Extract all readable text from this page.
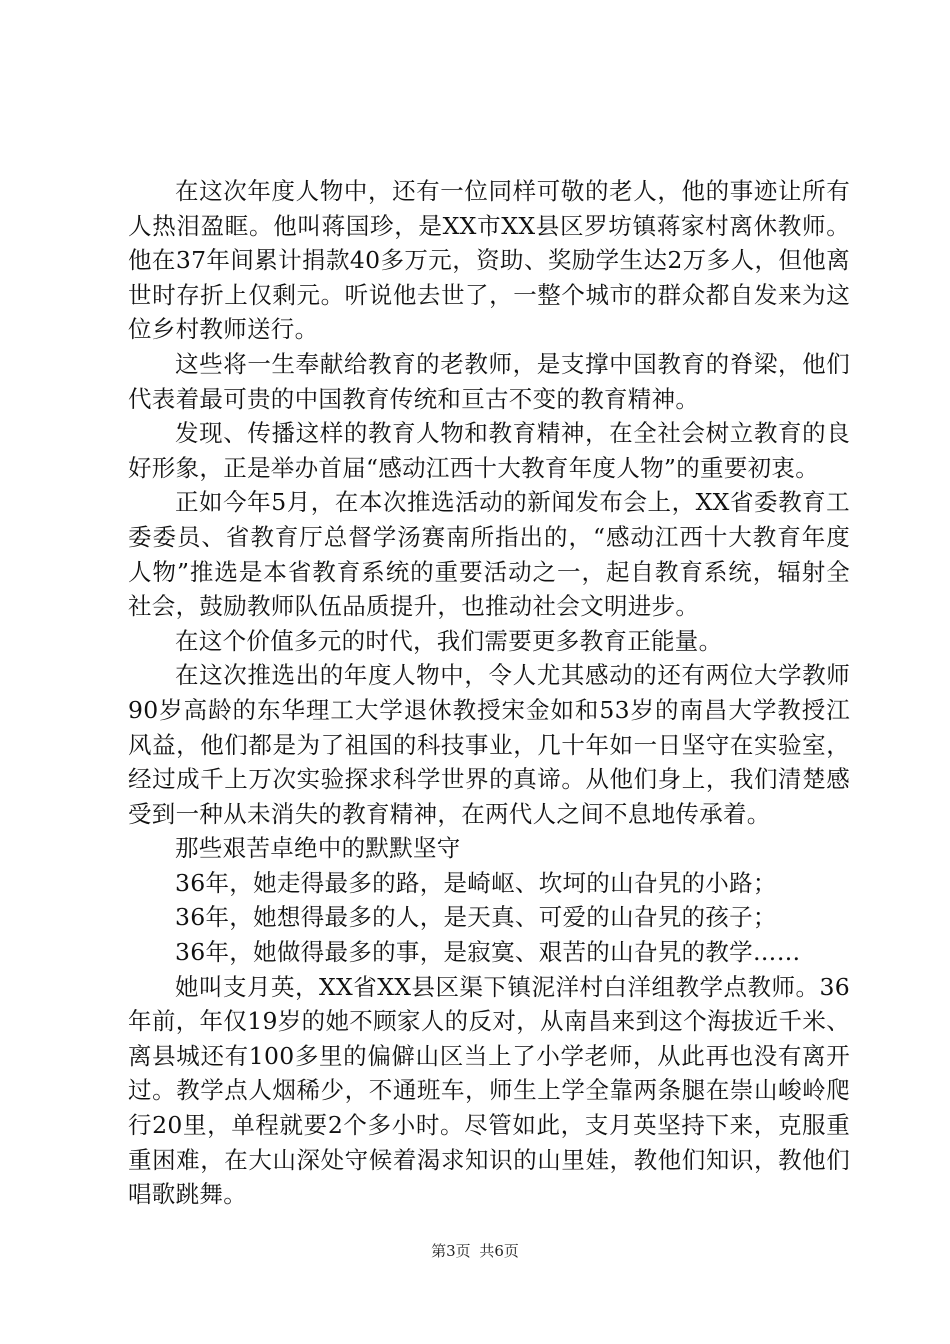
在这次年度人物中，还有一位同样可敬的老人，他的事迹让所有人热泪盈眶。他叫蒋国珍，是XX市XX县区罗坊镇蒋家村离休教师。他在37年间累计捐款40多万元，资助、奖励学生达2万多人，但他离世时存折上仅剩元。听说他去世了，一整个城市的群众都自发来为这位乡村教师送行。

这些将一生奉献给教育的老教师，是支撑中国教育的脊梁，他们代表着最可贵的中国教育传统和亘古不变的教育精神。

发现、传播这样的教育人物和教育精神，在全社会树立教育的良好形象，正是举办首届“感动江西十大教育年度人物”的重要初衷。

正如今年5月，在本次推选活动的新闻发布会上，XX省委教育工委委员、省教育厅总督学汤赛南所指出的，“感动江西十大教育年度人物”推选是本省教育系统的重要活动之一，起自教育系统，辐射全社会，鼓励教师队伍品质提升，也推动社会文明进步。

在这个价值多元的时代，我们需要更多教育正能量。

在这次推选出的年度人物中，令人尤其感动的还有两位大学教师90岁高龄的东华理工大学退休教授宋金如和53岁的南昌大学教授江风益，他们都是为了祖国的科技事业，几十年如一日坚守在实验室，经过成千上万次实验探求科学世界的真谛。从他们身上，我们清楚感受到一种从未消失的教育精神，在两代人之间不息地传承着。

那些艰苦卓绝中的默默坚守

36年，她走得最多的路，是崎岖、坎坷的山旮旯的小路；

36年，她想得最多的人，是天真、可爱的山旮旯的孩子；

36年，她做得最多的事，是寂寞、艰苦的山旮旯的教学……

她叫支月英，XX省XX县区渠下镇泥洋村白洋组教学点教师。36年前，年仅19岁的她不顾家人的反对，从南昌来到这个海拔近千米、离县城还有100多里的偏僻山区当上了小学老师，从此再也没有离开过。教学点人烟稀少，不通班车，师生上学全靠两条腿在崇山峻岭爬行20里，单程就要2个多小时。尽管如此，支月英坚持下来，克服重重困难，在大山深处守候着渴求知识的山里娃，教他们知识，教他们唱歌跳舞。

第3页 共6页
